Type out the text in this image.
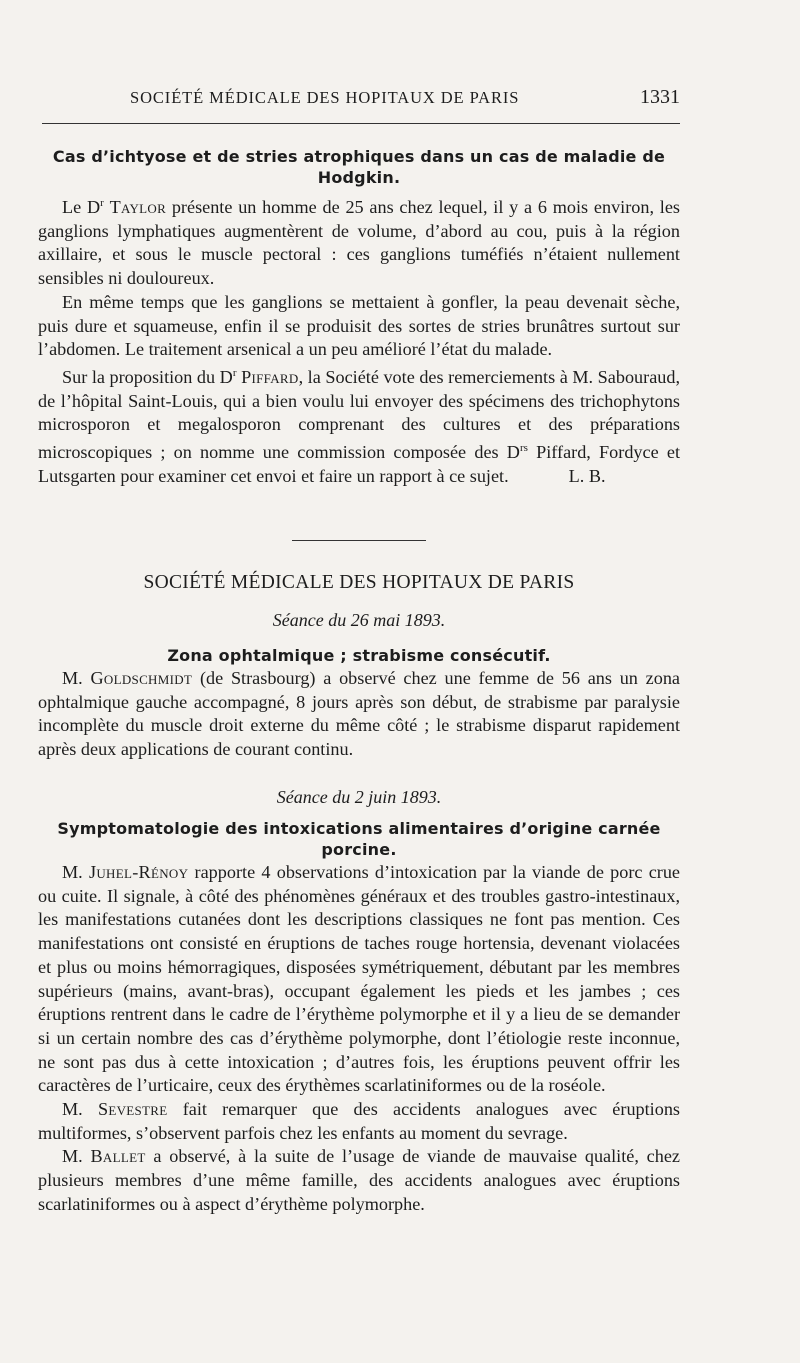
SOCIÉTÉ MÉDICALE DES HOPITAUX DE PARIS	1331
Cas d’ichtyose et de stries atrophiques dans un cas de maladie de Hodgkin.

Le $D^r$ Taylor présente un homme de 25 ans chez lequel, il y a 6 mois environ, les ganglions lymphatiques augmentèrent de volume, d’abord au cou, puis à la région axillaire, et sous le muscle pectoral : ces ganglions tuméfiés n’étaient nullement sensibles ni douloureux.

En même temps que les ganglions se mettaient à gonfler, la peau devenait sèche, puis dure et squameuse, enfin il se produisit des sortes de stries brunâtres surtout sur l’abdomen. Le traitement arsenical a un peu amélioré l’état du malade.

Sur la proposition du $D^r$ Piffard, la Société vote des remerciements à M. Sabouraud, de l’hôpital Saint-Louis, qui a bien voulu lui envoyer des spécimens des trichophytons microsporon et megalosporon comprenant des cultures et des préparations microscopiques ; on nomme une commission composée des $D^{rs}$ Piffard, Fordyce et Lutsgarten pour examiner cet envoi et faire un rapport à ce sujet.	L. B.

SOCIÉTÉ MÉDICALE DES HOPITAUX DE PARIS
Séance du 26 mai 1893.
Zona ophtalmique ; strabisme consécutif.

M. Goldschmidt (de Strasbourg) a observé chez une femme de 56 ans un zona ophtalmique gauche accompagné, 8 jours après son début, de strabisme par paralysie incomplète du muscle droit externe du même côté ; le strabisme disparut rapidement après deux applications de courant continu.

Séance du 2 juin 1893.
Symptomatologie des intoxications alimentaires d’origine carnée porcine.

M. Juhel-Rénoy rapporte 4 observations d’intoxication par la viande de porc crue ou cuite. Il signale, à côté des phénomènes généraux et des troubles gastro-intestinaux, les manifestations cutanées dont les descriptions classiques ne font pas mention. Ces manifestations ont consisté en éruptions de taches rouge hortensia, devenant violacées et plus ou moins hémorragiques, disposées symétriquement, débutant par les membres supérieurs (mains, avant-bras), occupant également les pieds et les jambes ; ces éruptions rentrent dans le cadre de l’érythème polymorphe et il y a lieu de se demander si un certain nombre des cas d’érythème polymorphe, dont l’étiologie reste inconnue, ne sont pas dus à cette intoxication ; d’autres fois, les éruptions peuvent offrir les caractères de l’urticaire, ceux des érythèmes scarlatiniformes ou de la roséole.

M. Sevestre fait remarquer que des accidents analogues avec éruptions multiformes, s’observent parfois chez les enfants au moment du sevrage.

M. Ballet a observé, à la suite de l’usage de viande de mauvaise qualité, chez plusieurs membres d’une même famille, des accidents analogues avec éruptions scarlatiniformes ou à aspect d’érythème polymorphe.
